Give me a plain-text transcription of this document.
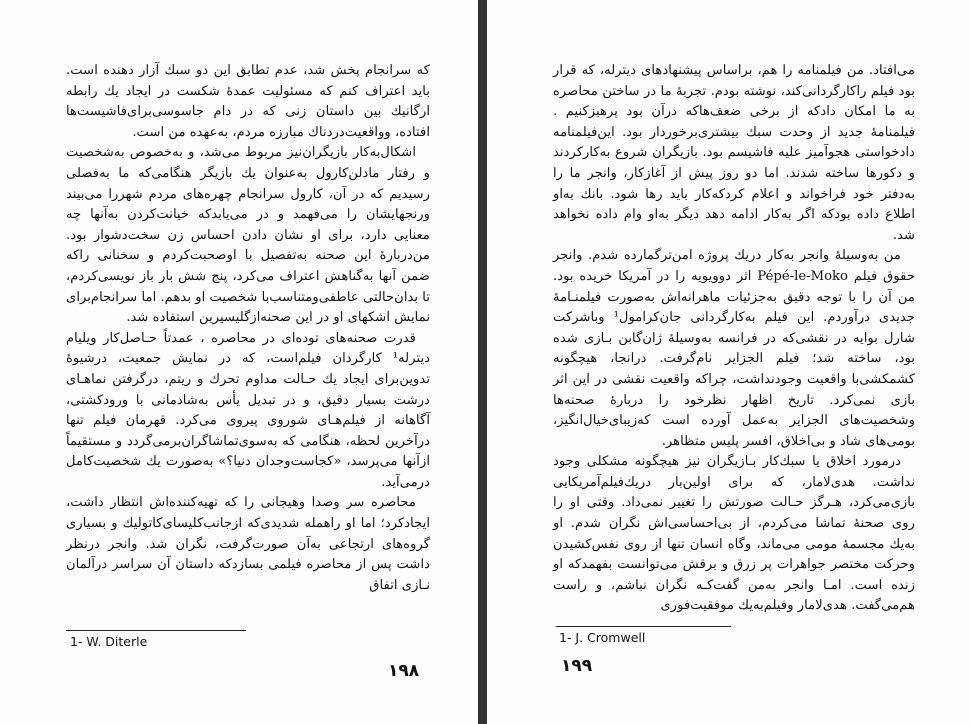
که سرانجام پخش شد، عدم تطابق این دو سبك آزار دهنده است. باید اعتراف کنم که مسئولیت عمدهٔ شکست در ایجاد یك رابطه ارگانیك بین داستان زنی که در دام جاسوسی‌برای‌فاشیست‌ها افتاده، وواقعیت‌دردناك مبارزه مردم، به‌عهده من است.

اشکال‌به‌کار بازیگران‌نیز مربوط می‌شد، و به‌خصوص به‌شخصیت و رفتار مادلن‌کارول به‌عنوان یك بازیگر هنگامی‌که ما به‌فصلی رسیدیم که در آن، کارول سرانجام چهره‌های مردم شهررا می‌بیند ورنجهایشان را می‌فهمد و در می‌یابدکه خیانت‌کردن به‌آنها چه معنایی دارد، برای او نشان دادن احساس زن سخت‌دشوار بود. من‌دربارهٔ این صحنه به‌تفصیل با اوصحبت‌کردم و سخنانی راکه ضمن آنها به‌گناهش اعتراف می‌کرد، پنج شش بار باز نویسی‌کردم، تا بدان‌حالتی عاطفی‌ومتناسب‌با شخصیت او بدهم. اما سرانجام‌برای نمایش اشکهای او در این صحنه‌ازگلیسیرین استفاده شد.

قدرت صحنه‌های توده‌ای در محاصره ، عمدتاً حـاصل‌کار ویلیام دیترله¹ کارگردان فیلم‌است، که در نمایش جمعیت، درشیوهٔ تدوین‌برای ایجاد یك حـالت مداوم تحرك و ریتم، درگرفتن نماهـای درشت بسیار دقیق، و در تبدیل یأس به‌شادمانی با ورودکشتی، آگاهانه از فیلم‌هـای شوروی پیروی می‌کرد. قهرمان فیلم تنها درآخرین لحظه، هنگامی که به‌سوی‌تماشاگران‌برمی‌گردد و مستقیماً ازآنها می‌پرسد، «کجاست‌وجدان دنیا؟» به‌صورت یك شخصیت‌کامل درمی‌آید.

محاصره سر وصدا وهیجانی را که تهیه‌کننده‌اش انتظار داشت، ایجادکرد؛ اما او راهمله شدیدی‌که ازجانب‌کلیسای‌کاتولیك و بسیاری گروه‌های ارتجاعی به‌آن صورت‌گرفت، نگران شد. وانجر درنظر داشت پس از محاصره فیلمی بسازدکه داستان آن سراسر درآلمان نـازی اتفاق

1- W. Diterle
۱۹۸

می‌افتاد. من فیلمنامه را هم، براساس پیشنهادهای دیترله، که قرار بود فیلم راکارگردانی‌کند، نوشته بودم. تجربهٔ ما در ساختن محاصره به ما امکان دادکه از برخی ضعف‌هاکه درآن بود پرهیزکنیم . فیلمنامهٔ جدید از وحدت سبك بیشتری‌برخوردار بود. این‌فیلمنامه دادخواستی هجوآمیز علیه فاشیسم بود. بازیگران شروع به‌کارکردند و دکورها ساخته شدند. اما دو روز پیش از آغازکار، وانجر ما را به‌دفتر خود فراخواند و اعلام کردکه‌کار باید رها شود. بانك به‌او اطلاع داده بودکه اگر به‌کار ادامه دهد دیگر به‌او وام داده نخواهد شد.

من به‌وسیلهٔ وانجر به‌کار دریك پروژه امن‌ترگمارده شدم. وانجر حقوق فیلم Pépé-le-Moko اثر دوویویه را در آمریکا خریده بود. من آن را با توجه دقیق به‌جزئیات ماهرانه‌اش به‌صورت فیلمنـامهٔ جدیدی درآوردم. این فیلم به‌کارگردانی جان‌کرامول¹ وباشرکت شارل بوایه در نقشی‌که در فرانسه به‌وسیلهٔ ژان‌گابن بـازی شده بود، ساخته شد؛ فیلم الجزایر نام‌گرفت. درانجا، هیچگونه کشمکشی‌با واقعیت وجودنداشت، چراکه واقعیت نقشی در این اثر بازی نمی‌کرد. تاریخ اظهار نظرخود را دربارهٔ صحنه‌ها وشخصیت‌های الجزایر به‌عمل آورده است که‌زیبای‌خیال‌انگیز، بومی‌های شاد و بی‌اخلاق، افسر پلیس متظاهر.

درمورد اخلاق یا سبك‌کار بـازیگران نیز هیچگونه مشکلی وجود نداشت. هدی‌لامار، که برای اولین‌بار دریك‌فیلم‌آمریکایی بازی‌می‌کرد، هـرگز حـالت صورتش را تغییر نمی‌داد. وقتی او را روی صحنهٔ تماشا می‌کردم، از بی‌احساسی‌اش نگران شدم. او به‌یك مجسمهٔ مومی می‌ماند، وگاه انسان تنها از روی نفس‌کشیدن وحرکت مختصر جواهرات پر زرق و برقش می‌توانست بفهمدکه او زنده است. امـا وانجر به‌من گفت‌کـه نگران نباشم، و راست هم‌می‌گفت. هدی‌لامار وفیلم‌به‌یك موفقیت‌فوری

1- J. Cromwell
۱۹۹
